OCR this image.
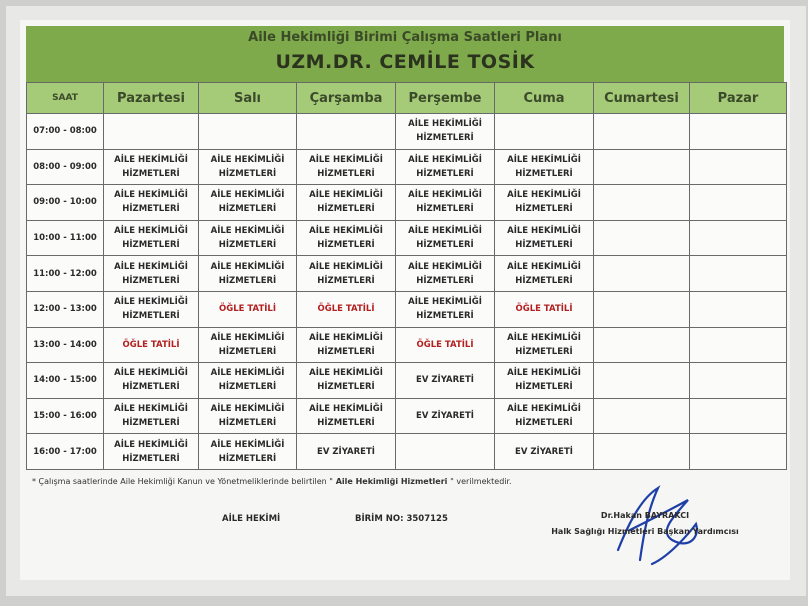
Aile Hekimliği Birimi Çalışma Saatleri Planı
UZM.DR. CEMİLE TOSİK
SAAT	Pazartesi	Salı	Çarşamba	Perşembe	Cuma	Cumartesi	Pazar
07:00 - 08:00				AİLE HEKİMLİĞİ HİZMETLERİ			
08:00 - 09:00	AİLE HEKİMLİĞİ HİZMETLERİ	AİLE HEKİMLİĞİ HİZMETLERİ	AİLE HEKİMLİĞİ HİZMETLERİ	AİLE HEKİMLİĞİ HİZMETLERİ	AİLE HEKİMLİĞİ HİZMETLERİ		
09:00 - 10:00	AİLE HEKİMLİĞİ HİZMETLERİ	AİLE HEKİMLİĞİ HİZMETLERİ	AİLE HEKİMLİĞİ HİZMETLERİ	AİLE HEKİMLİĞİ HİZMETLERİ	AİLE HEKİMLİĞİ HİZMETLERİ		
10:00 - 11:00	AİLE HEKİMLİĞİ HİZMETLERİ	AİLE HEKİMLİĞİ HİZMETLERİ	AİLE HEKİMLİĞİ HİZMETLERİ	AİLE HEKİMLİĞİ HİZMETLERİ	AİLE HEKİMLİĞİ HİZMETLERİ		
11:00 - 12:00	AİLE HEKİMLİĞİ HİZMETLERİ	AİLE HEKİMLİĞİ HİZMETLERİ	AİLE HEKİMLİĞİ HİZMETLERİ	AİLE HEKİMLİĞİ HİZMETLERİ	AİLE HEKİMLİĞİ HİZMETLERİ		
12:00 - 13:00	AİLE HEKİMLİĞİ HİZMETLERİ	ÖĞLE TATİLİ	ÖĞLE TATİLİ	AİLE HEKİMLİĞİ HİZMETLERİ	ÖĞLE TATİLİ		
13:00 - 14:00	ÖĞLE TATİLİ	AİLE HEKİMLİĞİ HİZMETLERİ	AİLE HEKİMLİĞİ HİZMETLERİ	ÖĞLE TATİLİ	AİLE HEKİMLİĞİ HİZMETLERİ		
14:00 - 15:00	AİLE HEKİMLİĞİ HİZMETLERİ	AİLE HEKİMLİĞİ HİZMETLERİ	AİLE HEKİMLİĞİ HİZMETLERİ	EV ZİYARETİ	AİLE HEKİMLİĞİ HİZMETLERİ		
15:00 - 16:00	AİLE HEKİMLİĞİ HİZMETLERİ	AİLE HEKİMLİĞİ HİZMETLERİ	AİLE HEKİMLİĞİ HİZMETLERİ	EV ZİYARETİ	AİLE HEKİMLİĞİ HİZMETLERİ		
16:00 - 17:00	AİLE HEKİMLİĞİ HİZMETLERİ	AİLE HEKİMLİĞİ HİZMETLERİ	EV ZİYARETİ		EV ZİYARETİ		
* Çalışma saatlerinde Aile Hekimliği Kanun ve Yönetmeliklerinde belirtilen " Aile Hekimliği Hizmetleri " verilmektedir.
AİLE HEKİMİ	BİRİM NO: 3507125	Dr.Hakan BAYRAKCI
Halk Sağlığı Hizmetleri Başkan Yardımcısı
